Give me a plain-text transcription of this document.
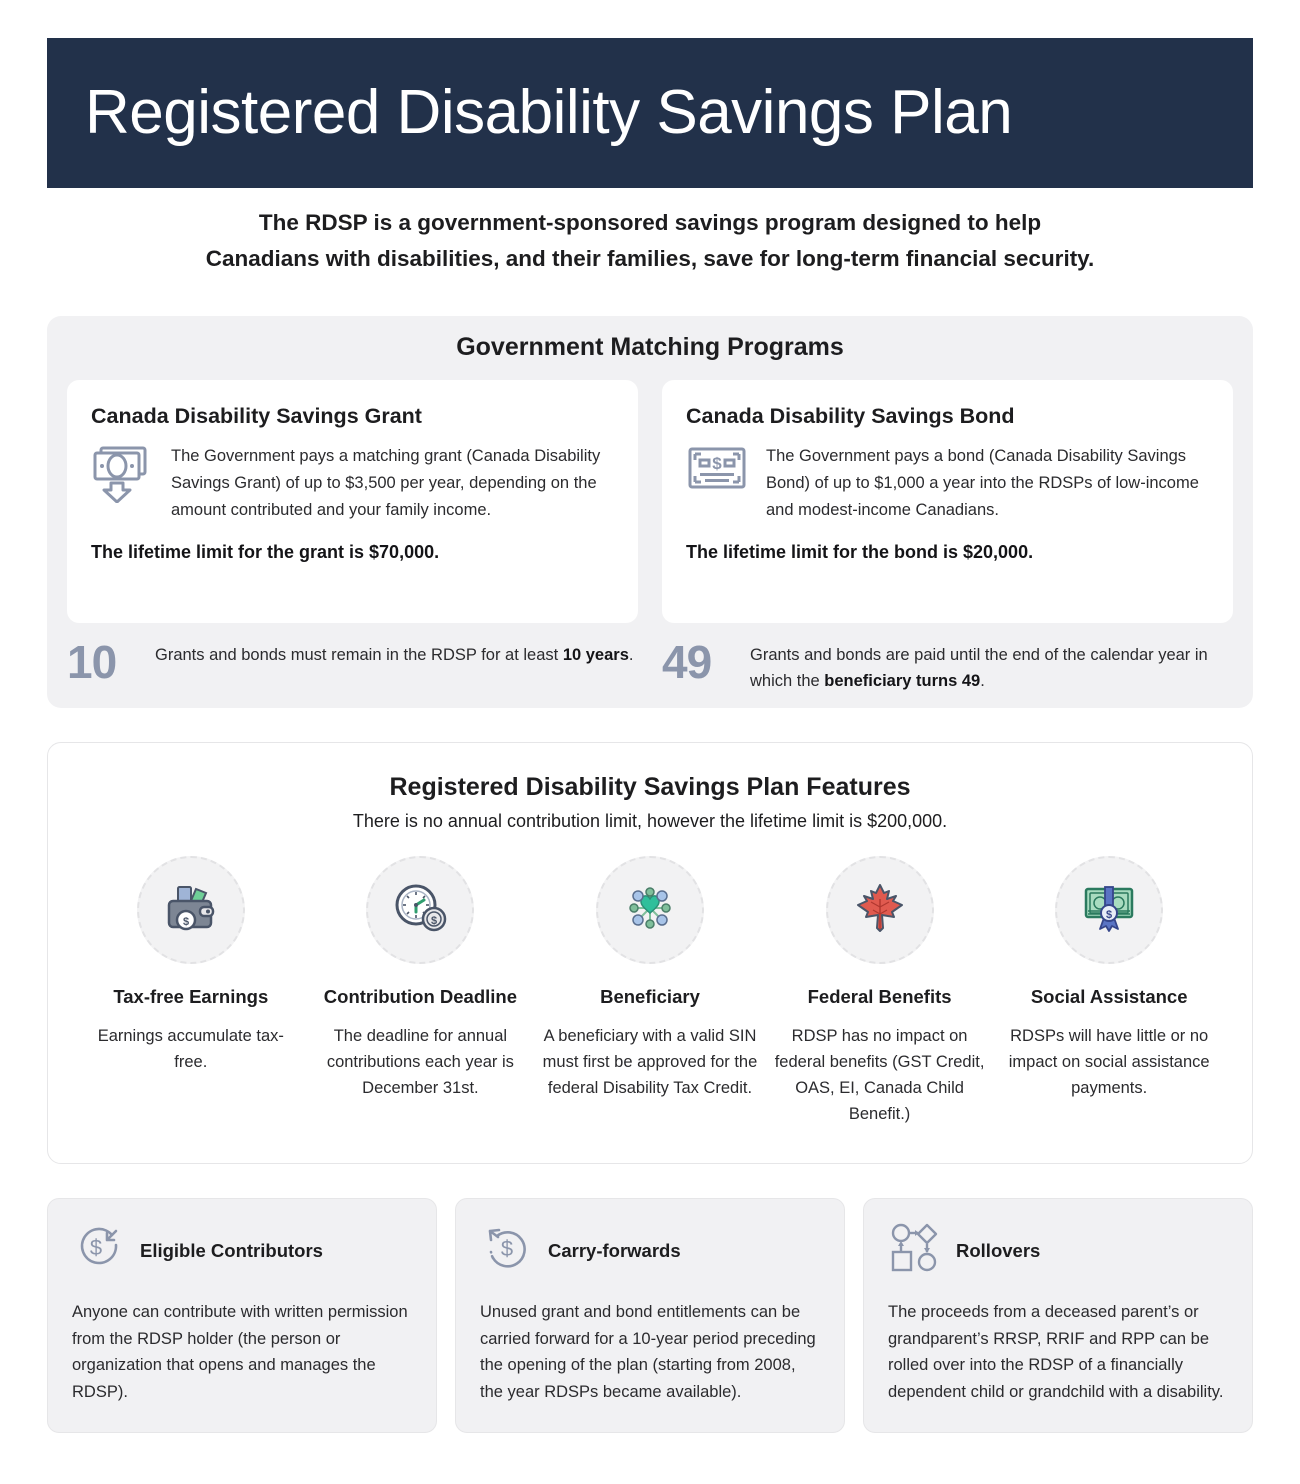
Registered Disability Savings Plan
The RDSP is a government-sponsored savings program designed to help
Canadians with disabilities, and their families, save for long-term financial security.
Government Matching Programs
Canada Disability Savings Grant
The Government pays a matching grant (Canada Disability Savings Grant) of up to $3,500 per year, depending on the amount contributed and your family income.
The lifetime limit for the grant is $70,000.
Canada Disability Savings Bond
$	The Government pays a bond (Canada Disability Savings Bond) of up to $1,000 a year into the RDSPs of low-income and modest-income Canadians.
The lifetime limit for the bond is $20,000.
10	Grants and bonds must remain in the RDSP for at least 10 years. 49	Grants and bonds are paid until the end of the calendar year in which the beneficiary turns 49.
Registered Disability Savings Plan Features
There is no annual contribution limit, however the lifetime limit is $200,000.
$
Tax-free Earnings
Earnings accumulate tax-free.
$
Contribution Deadline
The deadline for annual contributions each year is December 31st.
Beneficiary
A beneficiary with a valid SIN must first be approved for the federal Disability Tax Credit.
Federal Benefits
RDSP has no impact on federal benefits (GST Credit, OAS, EI, Canada Child Benefit.)
$
Social Assistance
RDSPs will have little or no impact on social assistance payments.
$ Eligible Contributors
Anyone can contribute with written permission from the RDSP holder (the person or organization that opens and manages the RDSP).
$ Carry-forwards
Unused grant and bond entitlements can be carried forward for a 10-year period preceding the opening of the plan (starting from 2008, the year RDSPs became available).
Rollovers
The proceeds from a deceased parent’s or grandparent’s RRSP, RRIF and RPP can be rolled over into the RDSP of a financially dependent child or grandchild with a disability.
